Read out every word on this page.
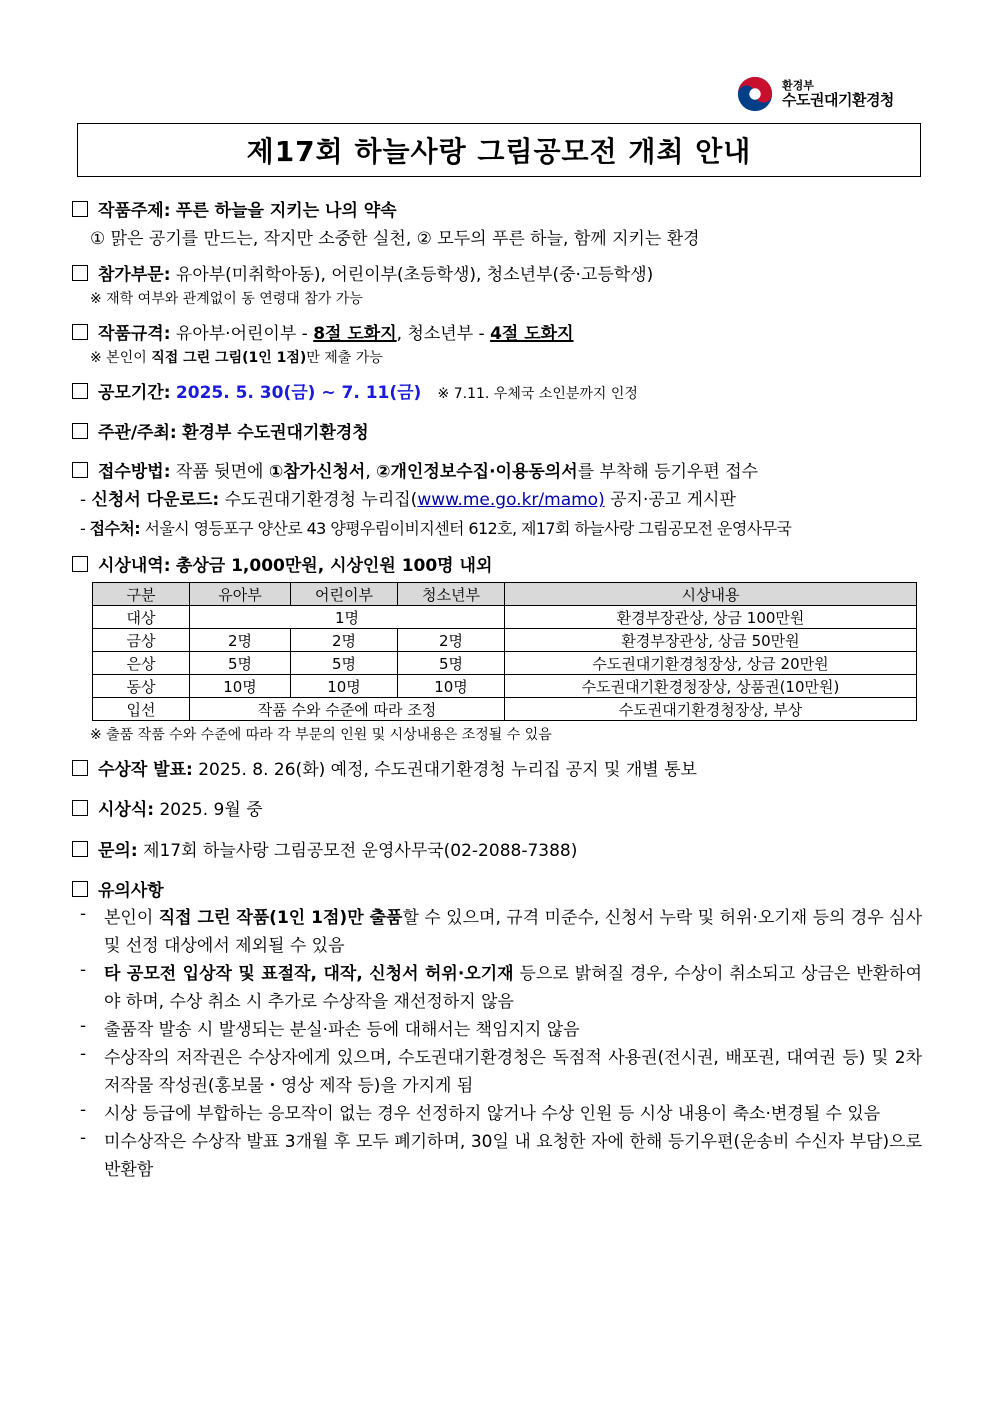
환경부
수도권대기환경청
제17회 하늘사랑 그림공모전 개최 안내
작품주제: 푸른 하늘을 지키는 나의 약속
① 맑은 공기를 만드는, 작지만 소중한 실천, ② 모두의 푸른 하늘, 함께 지키는 환경
참가부문: 유아부(미취학아동), 어린이부(초등학생), 청소년부(중·고등학생)
※ 재학 여부와 관계없이 동 연령대 참가 가능
작품규격: 유아부·어린이부 - 8절 도화지, 청소년부 - 4절 도화지
※ 본인이 직접 그린 그림(1인 1점)만 제출 가능
공모기간: 2025. 5. 30(금) ~ 7. 11(금) ※ 7.11. 우체국 소인분까지 인정
주관/주최: 환경부 수도권대기환경청
접수방법: 작품 뒷면에 ①참가신청서, ②개인정보수집·이용동의서를 부착해 등기우편 접수
- 신청서 다운로드: 수도권대기환경청 누리집(www.me.go.kr/mamo) 공지·공고 게시판
- 접수처: 서울시 영등포구 양산로 43 양평우림이비지센터 612호, 제17회 하늘사랑 그림공모전 운영사무국
시상내역: 총상금 1,000만원, 시상인원 100명 내외
구분	유아부	어린이부	청소년부	시상내용
대상	1명			환경부장관상, 상금 100만원
금상	2명	2명	2명	환경부장관상, 상금 50만원
은상	5명	5명	5명	수도권대기환경청장상, 상금 20만원
동상	10명	10명	10명	수도권대기환경청장상, 상품권(10만원)
입선	작품 수와 수준에 따라 조정			수도권대기환경청장상, 부상
※ 출품 작품 수와 수준에 따라 각 부문의 인원 및 시상내용은 조정될 수 있음
수상작 발표: 2025. 8. 26(화) 예정, 수도권대기환경청 누리집 공지 및 개별 통보
시상식: 2025. 9월 중
문의: 제17회 하늘사랑 그림공모전 운영사무국(02-2088-7388)
유의사항
-	본인이 직접 그린 작품(1인 1점)만 출품할 수 있으며, 규격 미준수, 신청서 누락 및 허위·오기재 등의 경우 심사 및 선정 대상에서 제외될 수 있음
-	타 공모전 입상작 및 표절작, 대작, 신청서 허위·오기재 등으로 밝혀질 경우, 수상이 취소되고 상금은 반환하여야 하며, 수상 취소 시 추가로 수상작을 재선정하지 않음
-	출품작 발송 시 발생되는 분실·파손 등에 대해서는 책임지지 않음
-	수상작의 저작권은 수상자에게 있으며, 수도권대기환경청은 독점적 사용권(전시권, 배포권, 대여권 등) 및 2차 저작물 작성권(홍보물・영상 제작 등)을 가지게 됨
-	시상 등급에 부합하는 응모작이 없는 경우 선정하지 않거나 수상 인원 등 시상 내용이 축소·변경될 수 있음
-	미수상작은 수상작 발표 3개월 후 모두 폐기하며, 30일 내 요청한 자에 한해 등기우편(운송비 수신자 부담)으로 반환함
